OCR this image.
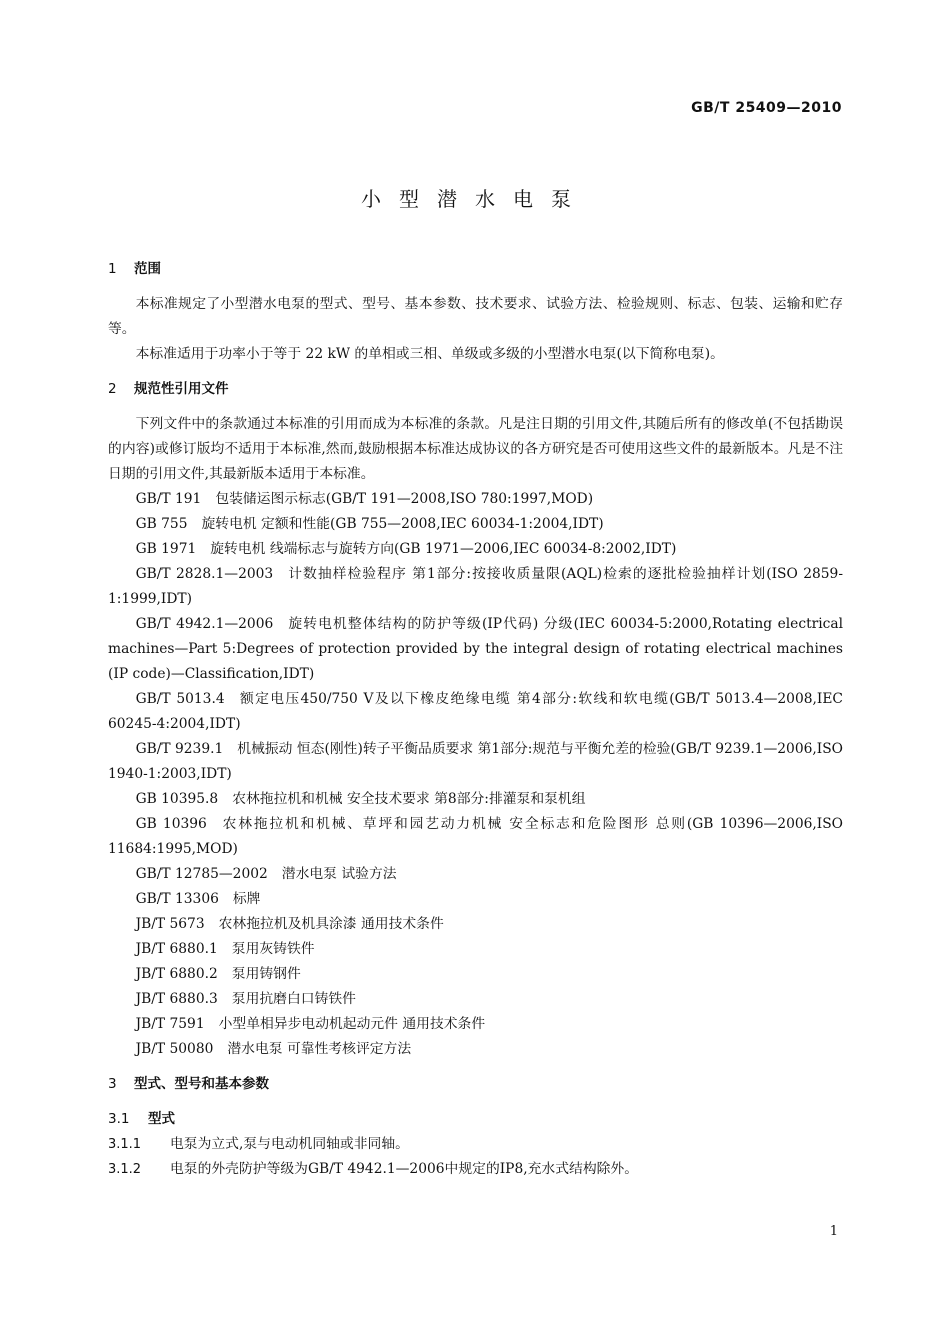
GB/T 25409—2010
小型潜水电泵
1 范围

本标准规定了小型潜水电泵的型式、型号、基本参数、技术要求、试验方法、检验规则、标志、包装、运输和贮存等。

本标准适用于功率小于等于 22 kW 的单相或三相、单级或多级的小型潜水电泵(以下简称电泵)。

2 规范性引用文件

下列文件中的条款通过本标准的引用而成为本标准的条款。凡是注日期的引用文件,其随后所有的修改单(不包括勘误的内容)或修订版均不适用于本标准,然而,鼓励根据本标准达成协议的各方研究是否可使用这些文件的最新版本。凡是不注日期的引用文件,其最新版本适用于本标准。

GB/T 191 包装储运图示标志(GB/T 191—2008,ISO 780:1997,MOD)
GB 755 旋转电机 定额和性能(GB 755—2008,IEC 60034-1:2004,IDT)
GB 1971 旋转电机 线端标志与旋转方向(GB 1971—2006,IEC 60034-8:2002,IDT)
GB/T 2828.1—2003 计数抽样检验程序 第1部分:按接收质量限(AQL)检索的逐批检验抽样计划(ISO 2859-1:1999,IDT)
GB/T 4942.1—2006 旋转电机整体结构的防护等级(IP代码) 分级(IEC 60034-5:2000,Rotating electrical machines—Part 5:Degrees of protection provided by the integral design of rotating electrical machines (IP code)—Classification,IDT)
GB/T 5013.4 额定电压450/750 V及以下橡皮绝缘电缆 第4部分:软线和软电缆(GB/T 5013.4—2008,IEC 60245-4:2004,IDT)
GB/T 9239.1 机械振动 恒态(刚性)转子平衡品质要求 第1部分:规范与平衡允差的检验(GB/T 9239.1—2006,ISO 1940-1:2003,IDT)
GB 10395.8 农林拖拉机和机械 安全技术要求 第8部分:排灌泵和泵机组
GB 10396 农林拖拉机和机械、草坪和园艺动力机械 安全标志和危险图形 总则(GB 10396—2006,ISO 11684:1995,MOD)
GB/T 12785—2002 潜水电泵 试验方法
GB/T 13306 标牌
JB/T 5673 农林拖拉机及机具涂漆 通用技术条件
JB/T 6880.1 泵用灰铸铁件
JB/T 6880.2 泵用铸钢件
JB/T 6880.3 泵用抗磨白口铸铁件
JB/T 7591 小型单相异步电动机起动元件 通用技术条件
JB/T 50080 潜水电泵 可靠性考核评定方法
3 型式、型号和基本参数
3.1 型式
3.1.1 电泵为立式,泵与电动机同轴或非同轴。
3.1.2 电泵的外壳防护等级为GB/T 4942.1—2006中规定的IP8,充水式结构除外。
1
